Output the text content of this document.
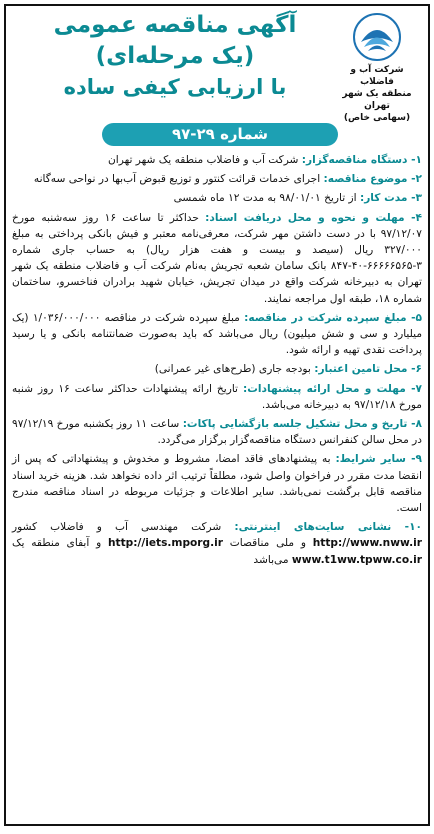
شرکت آب و فاضلاب
منطقه یک شهر تهران
(سهامی خاص)
آگهی مناقصه عمومی
(یک مرحله‌ای)
با ارزیابی کیفی ساده
شماره ۲۹-۹۷

۱- دستگاه مناقصه‌گزار: شرکت آب و فاضلاب منطقه یک شهر تهران

۲- موضوع مناقصه: اجرای خدمات قرائت کنتور و توزیع قبوض آب‌بها در نواحی سه‌گانه

۳- مدت کار: از تاریخ ۹۸/۰۱/۰۱ به مدت ۱۲ ماه شمسی

۴- مهلت و نحوه و محل دریافت اسناد: حداکثر تا ساعت ۱۶ روز سه‌شنبه مورخ ۹۷/۱۲/۰۷ با در دست داشتن مهر شرکت، معرفی‌نامه معتبر و فیش بانکی پرداختی به مبلغ ۳۲۷/۰۰۰ ریال (سیصد و بیست و هفت هزار ریال) به حساب جاری شماره ۳-۶۶۶۶۶۵۶۵-۴۰-۸۴۷ بانک سامان شعبه تجریش به‌نام شرکت آب و فاضلاب منطقه یک شهر تهران به دبیرخانه شرکت واقع در میدان تجریش، خیابان شهید برادران فناخسرو، ساختمان شماره ۱۸، طبقه اول مراجعه نمایند.

۵- مبلغ سپرده شرکت در مناقصه: مبلغ سپرده شرکت در مناقصه ۱/۰۳۶/۰۰۰/۰۰۰ (یک میلیارد و سی و شش میلیون) ریال می‌باشد که باید به‌صورت ضمانتنامه بانکی و یا رسید پرداخت نقدی تهیه و ارائه شود.

۶- محل تامین اعتبار: بودجه جاری (طرح‌های غیر عمرانی)

۷- مهلت و محل ارائه پیشنهادات: تاریخ ارائه پیشنهادات حداکثر ساعت ۱۶ روز شنبه مورخ ۹۷/۱۲/۱۸ به دبیرخانه می‌باشد.

۸- تاریخ و محل تشکیل جلسه بازگشایی پاکات: ساعت ۱۱ روز یکشنبه مورخ ۹۷/۱۲/۱۹ در محل سالن کنفرانس دستگاه مناقصه‌گزار برگزار می‌گردد.

۹- سایر شرایط: به پیشنهادهای فاقد امضا، مشروط و مخدوش و پیشنهاداتی که پس از انقضا مدت مقرر در فراخوان واصل شود، مطلقاً ترتیب اثر داده نخواهد شد. هزینه خرید اسناد مناقصه قابل برگشت نمی‌باشد. سایر اطلاعات و جزئیات مربوطه در اسناد مناقصه مندرج است.

۱۰- نشانی سایت‌های اینترنتی: شرکت مهندسی آب و فاضلاب کشور http://www.nww.ir و ملی مناقصات http://iets.mporg.ir و آبفای منطقه یک www.t1ww.tpww.co.ir می‌باشد
